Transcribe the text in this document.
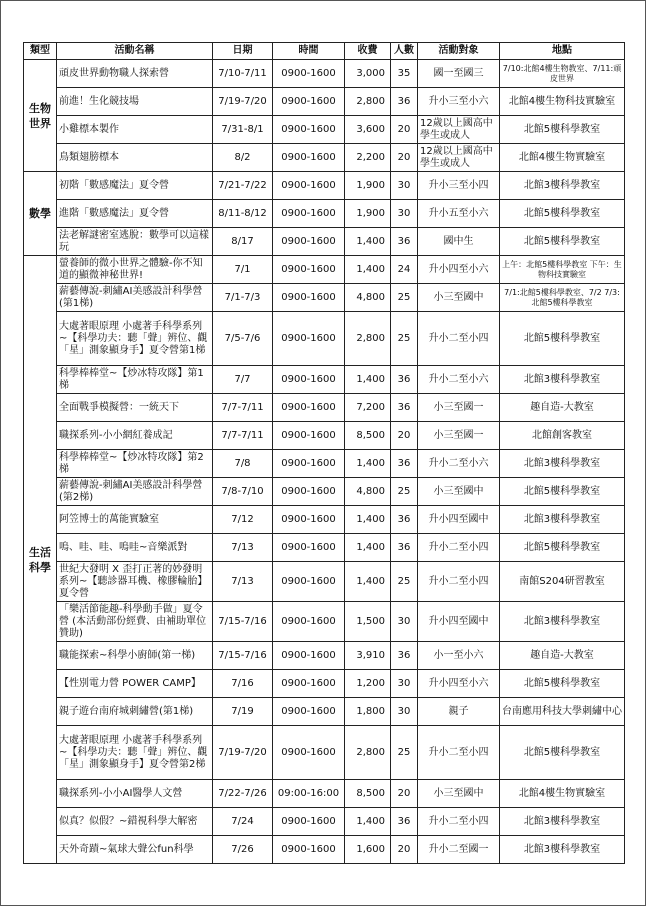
類型	活動名稱	日期	時間	收費	人數	活動對象	地點
生物世界	頑皮世界動物職人探索營	7/10-7/11	0900-1600	3,000	35	國一至國三	7/10:北館4樓生物教室、7/11:頑皮世界
	前進！生化競技場	7/19-7/20	0900-1600	2,800	36	升小三至小六	北館4樓生物科技實驗室
	小雞標本製作	7/31-8/1	0900-1600	3,600	20	12歲以上國高中學生或成人	北館5樓科學教室
	鳥類翅膀標本	8/2	0900-1600	2,200	20	12歲以上國高中學生或成人	北館4樓生物實驗室
數學	初階「數感魔法」夏令營	7/21-7/22	0900-1600	1,900	30	升小三至小四	北館3樓科學教室
	進階「數感魔法」夏令營	8/11-8/12	0900-1600	1,900	30	升小五至小六	北館5樓科學教室
	法老解謎密室逃脫：數學可以這樣玩	8/17	0900-1600	1,400	36	國中生	北館5樓科學教室
生活科學	螢養師的微小世界之體驗-你不知道的顯微神秘世界!	7/1	0900-1600	1,400	24	升小四至小六	上午：北館5樓科學教室 下午：生物科技實驗室
	薪藝傳說-刺繡AI美感設計科學營(第1梯)	7/1-7/3	0900-1600	4,800	25	小三至國中	7/1:北館5樓科學教室、7/2 7/3:北館5樓科學教室
	大處著眼原理 小處著手科學系列~【科學功夫：聽「聲」辨位、觀「星」測象顯身手】夏令營第1梯	7/5-7/6	0900-1600	2,800	25	升小二至小四	北館5樓科學教室
	科學棒棒堂~【炒冰特攻隊】第1梯	7/7	0900-1600	1,400	36	升小二至小六	北館3樓科學教室
	全面戰爭模擬營：一統天下	7/7-7/11	0900-1600	7,200	36	小三至國一	趣自造-大教室
	職探系列-小小網紅養成記	7/7-7/11	0900-1600	8,500	20	小三至國一	北館創客教室
	科學棒棒堂~【炒冰特攻隊】第2梯	7/8	0900-1600	1,400	36	升小二至小六	北館3樓科學教室
	薪藝傳說-刺繡AI美感設計科學營(第2梯)	7/8-7/10	0900-1600	4,800	25	小三至國中	北館5樓科學教室
	阿笠博士的萬能實驗室	7/12	0900-1600	1,400	36	升小四至國中	北館3樓科學教室
	嗚、哇、哇、嗚哇~音樂派對	7/13	0900-1600	1,400	36	升小二至小四	北館5樓科學教室
	世紀大發明 X 歪打正著的妙發明系列~【聽診器耳機、橡膠輪胎】夏令營	7/13	0900-1600	1,400	25	升小二至小四	南館S204研習教室
	「樂活節能趣-科學動手做」夏令營 (本活動部份經費、由補助單位贊助)	7/15-7/16	0900-1600	1,500	30	升小四至國中	北館3樓科學教室
	職能探索~科學小廚師(第一梯)	7/15-7/16	0900-1600	3,910	36	小一至小六	趣自造-大教室
	【性別電力營 POWER CAMP】	7/16	0900-1600	1,200	30	升小四至小六	北館5樓科學教室
	親子遊台南府城刺繡營(第1梯)	7/19	0900-1600	1,800	30	親子	台南應用科技大學刺繡中心
	大處著眼原理 小處著手科學系列~【科學功夫：聽「聲」辨位、觀「星」測象顯身手】夏令營第2梯	7/19-7/20	0900-1600	2,800	25	升小二至小四	北館5樓科學教室
	職探系列-小小AI醫學人文營	7/22-7/26	09:00-16:00	8,500	20	小三至國中	北館4樓生物實驗室
	似真？似假？~錯視科學大解密	7/24	0900-1600	1,400	36	升小二至小四	北館3樓科學教室
	天外奇蹟~氣球大聲公fun科學	7/26	0900-1600	1,600	20	升小二至國一	北館3樓科學教室
